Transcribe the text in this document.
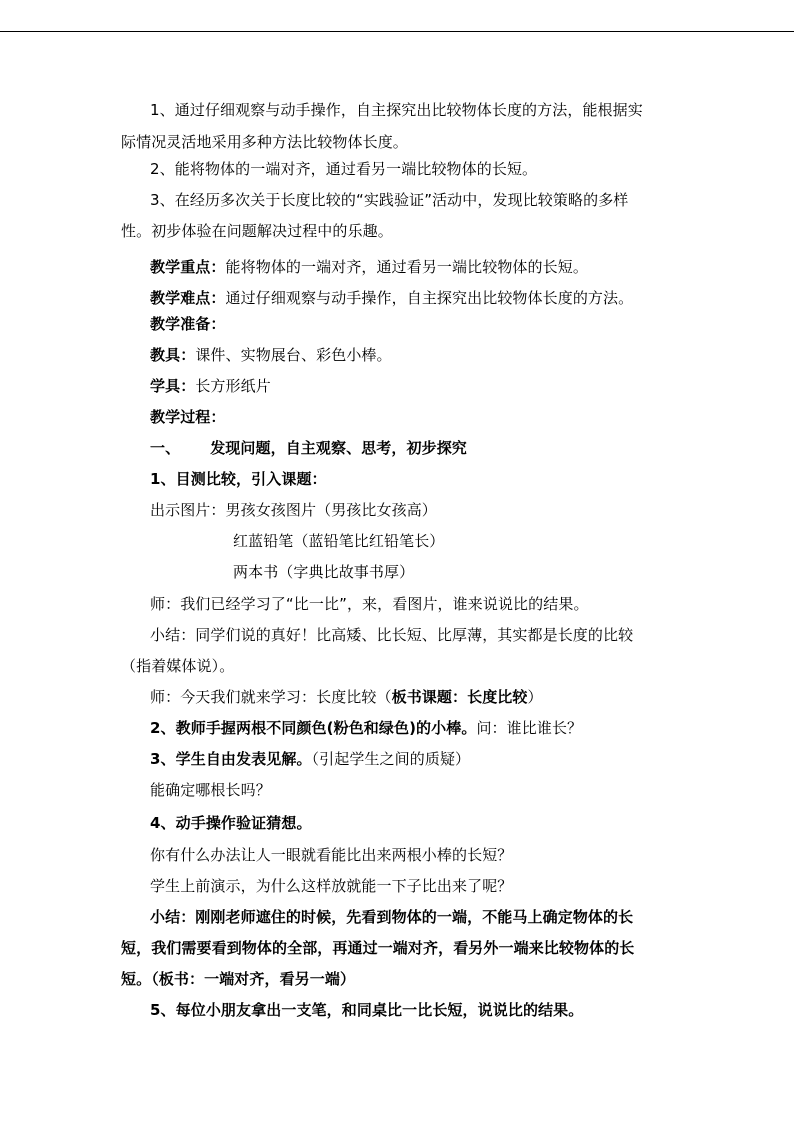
1、通过仔细观察与动手操作，自主探究出比较物体长度的方法，能根据实

际情况灵活地采用多种方法比较物体长度。

2、能将物体的一端对齐，通过看另一端比较物体的长短。

3、在经历多次关于长度比较的“实践验证”活动中，发现比较策略的多样

性。初步体验在问题解决过程中的乐趣。

教学重点：能将物体的一端对齐，通过看另一端比较物体的长短。

教学难点：通过仔细观察与动手操作，自主探究出比较物体长度的方法。

教学准备：

教具：课件、实物展台、彩色小棒。

学具：长方形纸片

教学过程：

一、 发现问题，自主观察、思考，初步探究

1、目测比较，引入课题：

出示图片：男孩女孩图片（男孩比女孩高）

红蓝铅笔（蓝铅笔比红铅笔长）

两本书（字典比故事书厚）

师：我们已经学习了“比一比”，来，看图片，谁来说说比的结果。

小结：同学们说的真好！比高矮、比长短、比厚薄，其实都是长度的比较

（指着媒体说）。

师：今天我们就来学习：长度比较（板书课题：长度比较）

2、教师手握两根不同颜色(粉色和绿色)的小棒。问：谁比谁长？

3、学生自由发表见解。（引起学生之间的质疑）

能确定哪根长吗？

4、动手操作验证猜想。

你有什么办法让人一眼就看能比出来两根小棒的长短？

学生上前演示，为什么这样放就能一下子比出来了呢？

小结：刚刚老师遮住的时候，先看到物体的一端，不能马上确定物体的长

短，我们需要看到物体的全部，再通过一端对齐，看另外一端来比较物体的长

短。（板书：一端对齐，看另一端）

5、每位小朋友拿出一支笔，和同桌比一比长短，说说比的结果。
